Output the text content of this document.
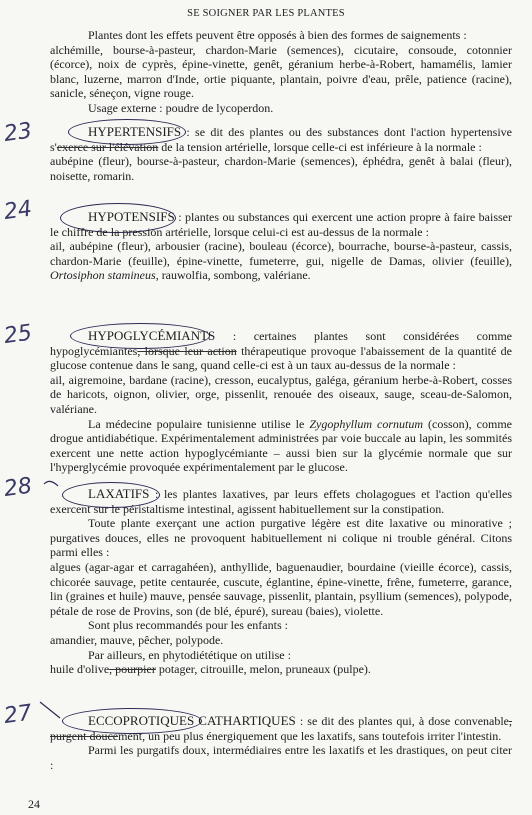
SE SOIGNER PAR LES PLANTES

Plantes dont les effets peuvent être opposés à bien des formes de saignements :

alchémille, bourse-à-pasteur, chardon-Marie (semences), cicutaire, consoude, cotonnier (écorce), noix de cyprès, épine-vinette, genêt, géranium herbe-à-Robert, hamamélis, lamier blanc, luzerne, marron d'Inde, ortie piquante, plantain, poivre d'eau, prêle, patience (racine), sanicle, séneçon, vigne rouge.

Usage externe : poudre de lycoperdon.

23	HYPERTENSIFS : se dit des plantes ou des substances dont l'action hypertensive s'exerce sur l'élévation de la tension artérielle, lorsque celle-ci est inférieure à la normale :

aubépine (fleur), bourse-à-pasteur, chardon-Marie (semences), éphédra, genêt à balai (fleur), noisette, romarin.

24	HYPOTENSIFS : plantes ou substances qui exercent une action propre à faire baisser le chiffre de la pression artérielle, lorsque celui-ci est au-dessus de la normale :

ail, aubépine (fleur), arbousier (racine), bouleau (écorce), bourrache, bourse-à-pasteur, cassis, chardon-Marie (feuille), épine-vinette, fumeterre, gui, nigelle de Damas, olivier (feuille), Ortosiphon stamineus, rauwolfia, sombong, valériane.

25	HYPOGLYCÉMIANTS : certaines plantes sont considérées comme hypoglycémiantes, lorsque leur action thérapeutique provoque l'abaissement de la quantité de glucose contenue dans le sang, quand celle-ci est à un taux au-dessus de la normale :

ail, aigremoine, bardane (racine), cresson, eucalyptus, galéga, géranium herbe-à-Robert, cosses de haricots, oignon, olivier, orge, pissenlit, renouée des oiseaux, sauge, sceau-de-Salomon, valériane.

La médecine populaire tunisienne utilise le Zygophyllum cornutum (cosson), comme drogue antidiabétique. Expérimentalement administrées par voie buccale au lapin, les sommités exercent une nette action hypoglycémiante – aussi bien sur la glycémie normale que sur l'hyperglycémie provoquée expérimentalement par le glucose.

28	LAXATIFS : les plantes laxatives, par leurs effets cholagogues et l'action qu'elles exercent sur le péristaltisme intestinal, agissent habituellement sur la constipation.

Toute plante exerçant une action purgative légère est dite laxative ou minorative ; purgatives douces, elles ne provoquent habituellement ni colique ni trouble général. Citons parmi elles :

algues (agar-agar et carragahéen), anthyllide, baguenaudier, bourdaine (vieille écorce), cassis, chicorée sauvage, petite centaurée, cuscute, églantine, épine-vinette, frêne, fumeterre, garance, lin (graines et huile) mauve, pensée sauvage, pissenlit, plantain, psyllium (semences), polypode, pétale de rose de Provins, son (de blé, épuré), sureau (baies), violette.

Sont plus recommandés pour les enfants :

amandier, mauve, pêcher, polypode.

Par ailleurs, en phytodiététique on utilise :

huile d'olive, pourpier potager, citrouille, melon, pruneaux (pulpe).

27	ECCOPROTIQUES CATHARTIQUES : se dit des plantes qui, à dose convenable, purgent doucement, un peu plus énergiquement que les laxatifs, sans toutefois irriter l'intestin.

Parmi les purgatifs doux, intermédiaires entre les laxatifs et les drastiques, on peut citer :

24
